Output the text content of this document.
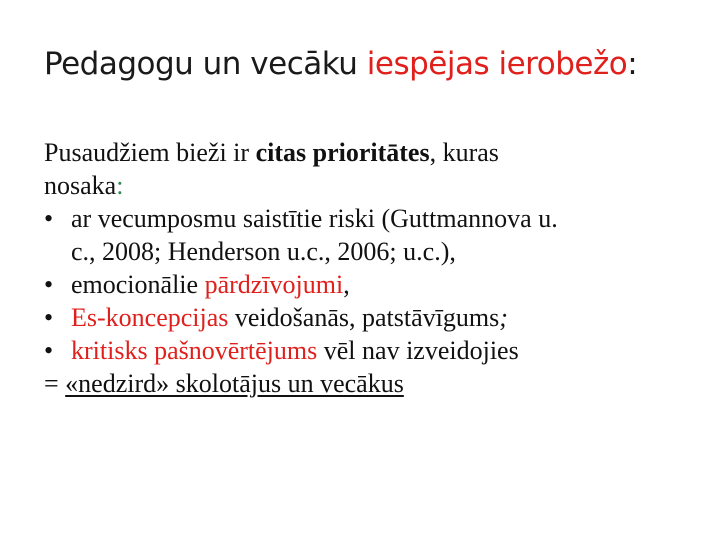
Pedagogu un vecāku iespējas ierobežo:
Pusaudžiem bieži ir citas prioritātes, kuras
nosaka:
• ar vecumposmu saistītie riski (Guttmannova u.
c., 2008; Henderson u.c., 2006; u.c.),
• emocionālie pārdzīvojumi,
• Es-koncepcijas veidošanās, patstāvīgums;
• kritisks pašnovērtējums vēl nav izveidojies
= «nedzird» skolotājus un vecākus
